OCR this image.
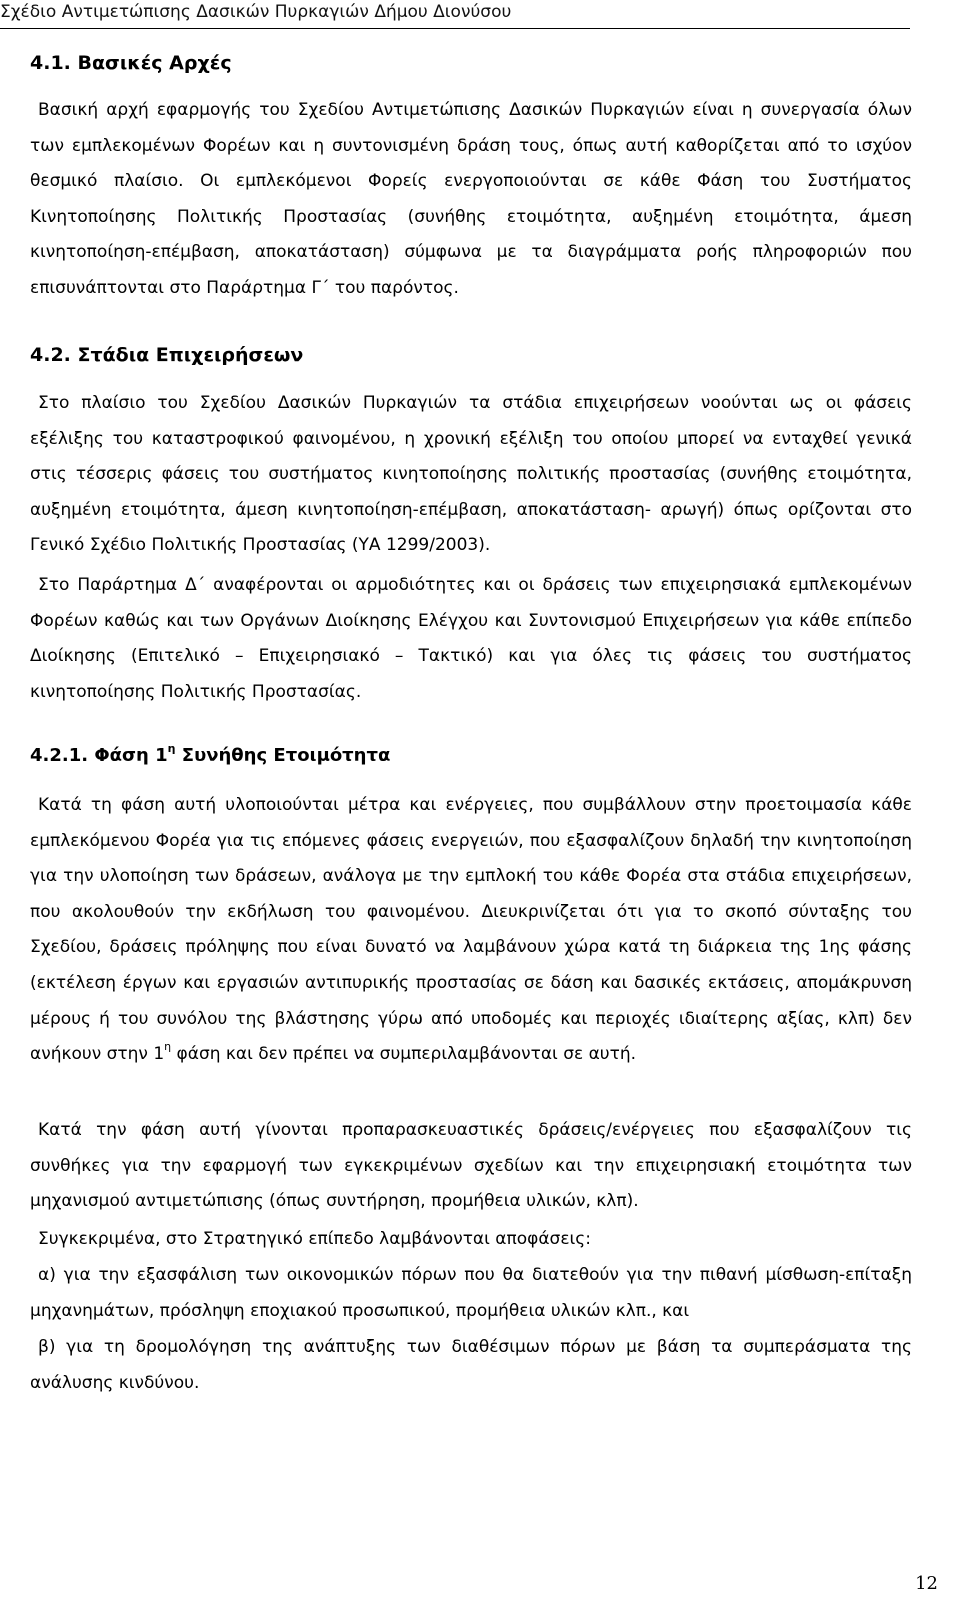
Σχέδιο Αντιμετώπισης Δασικών Πυρκαγιών Δήμου Διονύσου
4.1. Βασικές Αρχές
Βασική αρχή εφαρμογής του Σχεδίου Αντιμετώπισης Δασικών Πυρκαγιών είναι η συνεργασία όλων των εμπλεκομένων Φορέων και η συντονισμένη δράση τους, όπως αυτή καθορίζεται από το ισχύον θεσμικό πλαίσιο. Οι εμπλεκόμενοι Φορείς ενεργοποιούνται σε κάθε Φάση του Συστήματος Κινητοποίησης Πολιτικής Προστασίας (συνήθης ετοιμότητα, αυξημένη ετοιμότητα, άμεση κινητοποίηση-επέμβαση, αποκατάσταση) σύμφωνα με τα διαγράμματα ροής πληροφοριών που επισυνάπτονται στο Παράρτημα Γ΄ του παρόντος.
4.2. Στάδια Επιχειρήσεων
Στο πλαίσιο του Σχεδίου Δασικών Πυρκαγιών τα στάδια επιχειρήσεων νοούνται ως οι φάσεις εξέλιξης του καταστροφικού φαινομένου, η χρονική εξέλιξη του οποίου μπορεί να ενταχθεί γενικά στις τέσσερις φάσεις του συστήματος κινητοποίησης πολιτικής προστασίας (συνήθης ετοιμότητα, αυξημένη ετοιμότητα, άμεση κινητοποίηση-επέμβαση, αποκατάσταση- αρωγή) όπως ορίζονται στο Γενικό Σχέδιο Πολιτικής Προστασίας (ΥΑ 1299/2003).
Στο Παράρτημα Δ΄ αναφέρονται οι αρμοδιότητες και οι δράσεις των επιχειρησιακά εμπλεκομένων Φορέων καθώς και των Οργάνων Διοίκησης Ελέγχου και Συντονισμού Επιχειρήσεων για κάθε επίπεδο Διοίκησης (Επιτελικό – Επιχειρησιακό – Τακτικό) και για όλες τις φάσεις του συστήματος κινητοποίησης Πολιτικής Προστασίας.
4.2.1. Φάση $1^\eta$ Συνήθης Ετοιμότητα
Κατά τη φάση αυτή υλοποιούνται μέτρα και ενέργειες, που συμβάλλουν στην προετοιμασία κάθε εμπλεκόμενου Φορέα για τις επόμενες φάσεις ενεργειών, που εξασφαλίζουν δηλαδή την κινητοποίηση για την υλοποίηση των δράσεων, ανάλογα με την εμπλοκή του κάθε Φορέα στα στάδια επιχειρήσεων, που ακολουθούν την εκδήλωση του φαινομένου. Διευκρινίζεται ότι για το σκοπό σύνταξης του Σχεδίου, δράσεις πρόληψης που είναι δυνατό να λαμβάνουν χώρα κατά τη διάρκεια της 1ης φάσης (εκτέλεση έργων και εργασιών αντιπυρικής προστασίας σε δάση και δασικές εκτάσεις, απομάκρυνση μέρους ή του συνόλου της βλάστησης γύρω από υποδομές και περιοχές ιδιαίτερης αξίας, κλπ) δεν ανήκουν στην $1^\eta$ φάση και δεν πρέπει να συμπεριλαμβάνονται σε αυτή.
Κατά την φάση αυτή γίνονται προπαρασκευαστικές δράσεις/ενέργειες που εξασφαλίζουν τις συνθήκες για την εφαρμογή των εγκεκριμένων σχεδίων και την επιχειρησιακή ετοιμότητα των μηχανισμού αντιμετώπισης (όπως συντήρηση, προμήθεια υλικών, κλπ).
Συγκεκριμένα, στο Στρατηγικό επίπεδο λαμβάνονται αποφάσεις:
α) για την εξασφάλιση των οικονομικών πόρων που θα διατεθούν για την πιθανή μίσθωση-επίταξη μηχανημάτων, πρόσληψη εποχιακού προσωπικού, προμήθεια υλικών κλπ., και
β) για τη δρομολόγηση της ανάπτυξης των διαθέσιμων πόρων με βάση τα συμπεράσματα της ανάλυσης κινδύνου.
12
